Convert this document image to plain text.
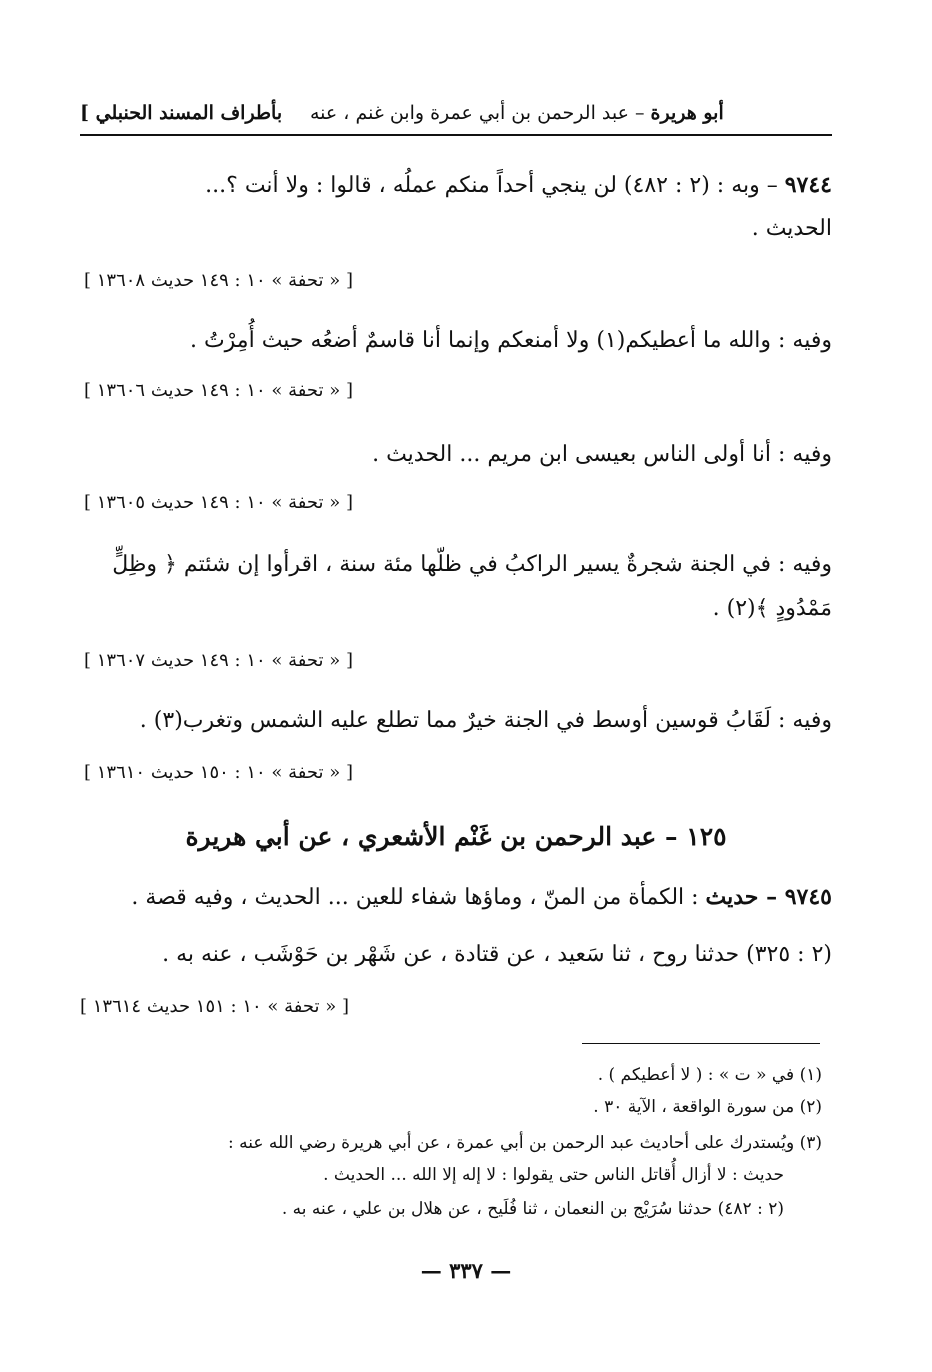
بأطراف المسند الحنبلي ]	أبو هريرة – عبد الرحمن بن أبي عمرة وابن غنم ، عنه
٩٧٤٤ – وبه : (٢ : ٤٨٢) لن ينجي أحداً منكم عملُه ، قالوا : ولا أنت ؟...
الحديث .
[ « تحفة » ١٠ : ١٤٩ حديث ١٣٦٠٨ ]
وفيه : والله ما أعطيكم(١) ولا أمنعكم وإنما أنا قاسمٌ أضعُه حيث أُمِرْتُ .
[ « تحفة » ١٠ : ١٤٩ حديث ١٣٦٠٦ ]
وفيه : أنا أولى الناس بعيسى ابن مريم ... الحديث .
[ « تحفة » ١٠ : ١٤٩ حديث ١٣٦٠٥ ]
وفيه : في الجنة شجرةٌ يسير الراكبُ في ظلّها مئة سنة ، اقرأوا إن شئتم ﴿ وظِلٍّ
مَمْدُودٍ ﴾(٢) .
[ « تحفة » ١٠ : ١٤٩ حديث ١٣٦٠٧ ]
وفيه : لَقَابُ قوسين أوسط في الجنة خيرٌ مما تطلع عليه الشمس وتغرب(٣) .
[ « تحفة » ١٠ : ١٥٠ حديث ١٣٦١٠ ]
١٢٥ – عبد الرحمن بن غَنْم الأشعري ، عن أبي هريرة
٩٧٤٥ – حديث : الكمأة من المنّ ، وماؤها شفاء للعين ... الحديث ، وفيه قصة .
(٢ : ٣٢٥) حدثنا روح ، ثنا سَعيد ، عن قتادة ، عن شَهْر بن حَوْشَب ، عنه به .
[ « تحفة » ١٠ : ١٥١ حديث ١٣٦١٤ ]
(١) في « ت » : ( لا أعطيكم ) .
(٢) من سورة الواقعة ، الآية ٣٠ .
(٣) ويُستدرك على أحاديث عبد الرحمن بن أبي عمرة ، عن أبي هريرة رضي الله عنه :
حديث : لا أزال أُقاتل الناس حتى يقولوا : لا إله إلا الله ... الحديث .
(٢ : ٤٨٢) حدثنا سُرَيْج بن النعمان ، ثنا فُلَيح ، عن هلال بن علي ، عنه به .
— ٣٣٧ —
